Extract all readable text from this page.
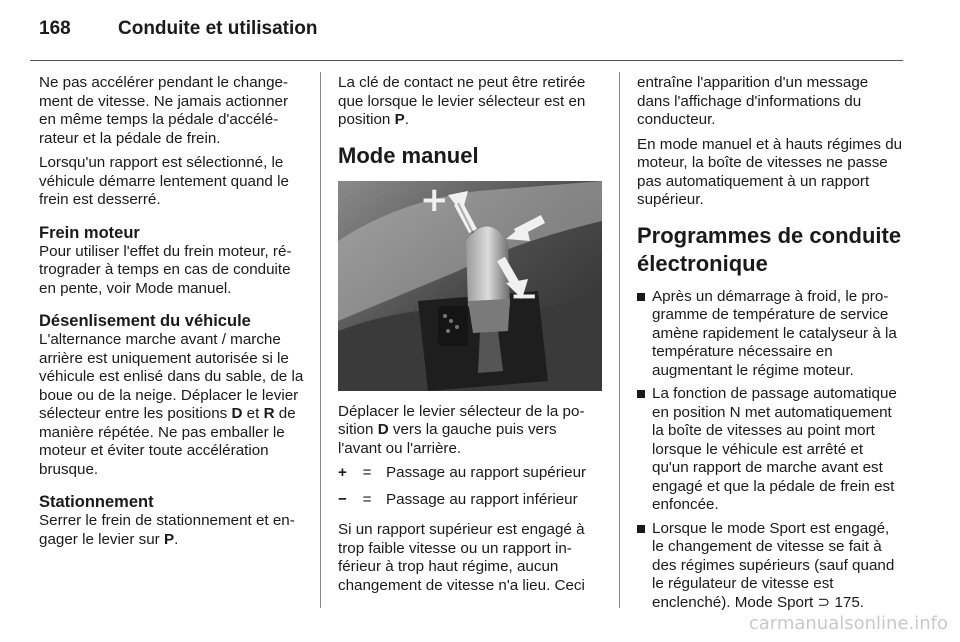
168 Conduite et utilisation

Ne pas accélérer pendant le changement de vitesse. Ne jamais actionner en même temps la pédale d'accélérateur et la pédale de frein.

Lorsqu'un rapport est sélectionné, le véhicule démarre lentement quand le frein est desserré.

Frein moteur

Pour utiliser l'effet du frein moteur, rétrograder à temps en cas de conduite en pente, voir Mode manuel.

Désenlisement du véhicule

L'alternance marche avant / marche arrière est uniquement autorisée si le véhicule est enlisé dans du sable, de la boue ou de la neige. Déplacer le levier sélecteur entre les positions D et R de manière répétée. Ne pas emballer le moteur et éviter toute accélération brusque.

Stationnement

Serrer le frein de stationnement et engager le levier sur P.

La clé de contact ne peut être retirée que lorsque le levier sélecteur est en position P.

Mode manuel
+
−

Déplacer le levier sélecteur de la position D vers la gauche puis vers l'avant ou l'arrière.

+	= Passage au rapport supérieur
−	= Passage au rapport inférieur

Si un rapport supérieur est engagé à trop faible vitesse ou un rapport inférieur à trop haut régime, aucun changement de vitesse n'a lieu. Ceci

entraîne l'apparition d'un message dans l'affichage d'informations du conducteur.

En mode manuel et à hauts régimes du moteur, la boîte de vitesses ne passe pas automatiquement à un rapport supérieur.

Programmes de conduite électronique
Après un démarrage à froid, le programme de température de service amène rapidement le catalyseur à la température nécessaire en augmentant le régime moteur.
La fonction de passage automatique en position N met automatiquement la boîte de vitesses au point mort lorsque le véhicule est arrêté et qu'un rapport de marche avant est engagé et que la pédale de frein est enfoncée.
Lorsque le mode Sport est engagé, le changement de vitesse se fait à des régimes supérieurs (sauf quand le régulateur de vitesse est enclenché). Mode Sport ⊃ 175.
carmanualsonline.info
